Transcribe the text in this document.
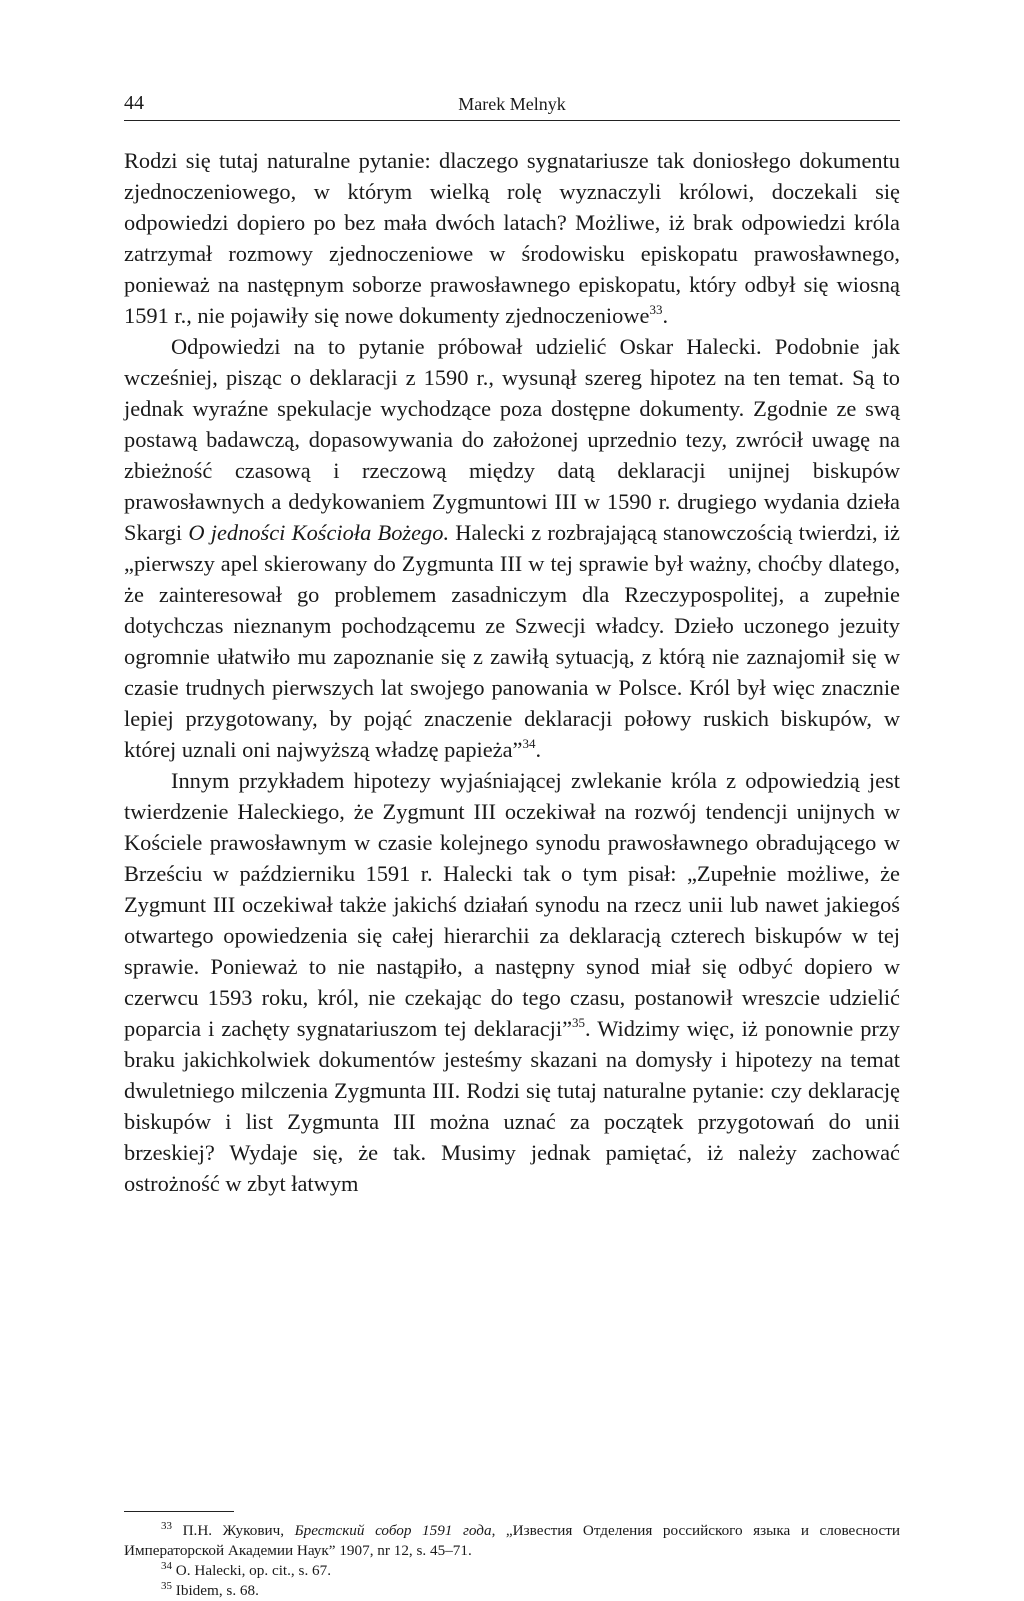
44	Marek Melnyk

Rodzi się tutaj naturalne pytanie: dlaczego sygnatariusze tak doniosłego dokumentu zjednoczeniowego, w którym wielką rolę wyznaczyli królowi, doczekali się odpowiedzi dopiero po bez mała dwóch latach? Możliwe, iż brak odpowiedzi króla zatrzymał rozmowy zjednoczeniowe w środowisku episkopatu prawosławnego, ponieważ na następnym soborze prawosławnego episkopatu, który odbył się wiosną 1591 r., nie pojawiły się nowe dokumenty zjednoczeniowe$^{33}$.

Odpowiedzi na to pytanie próbował udzielić Oskar Halecki. Podobnie jak wcześniej, pisząc o deklaracji z 1590 r., wysunął szereg hipotez na ten temat. Są to jednak wyraźne spekulacje wychodzące poza dostępne dokumenty. Zgodnie ze swą postawą badawczą, dopasowywania do założonej uprzednio tezy, zwrócił uwagę na zbieżność czasową i rzeczową między datą deklaracji unijnej biskupów prawosławnych a dedykowaniem Zygmuntowi III w 1590 r. drugiego wydania dzieła Skargi O jedności Kościoła Bożego. Halecki z rozbrajającą stanowczością twierdzi, iż „pierwszy apel skierowany do Zygmunta III w tej sprawie był ważny, choćby dlatego, że zainteresował go problemem zasadniczym dla Rzeczypospolitej, a zupełnie dotychczas nieznanym pochodzącemu ze Szwecji władcy. Dzieło uczonego jezuity ogromnie ułatwiło mu zapoznanie się z zawiłą sytuacją, z którą nie zaznajomił się w czasie trudnych pierwszych lat swojego panowania w Polsce. Król był więc znacznie lepiej przygotowany, by pojąć znaczenie deklaracji połowy ruskich biskupów, w której uznali oni najwyższą władzę papieża”$^{34}$.

Innym przykładem hipotezy wyjaśniającej zwlekanie króla z odpowiedzią jest twierdzenie Haleckiego, że Zygmunt III oczekiwał na rozwój tendencji unijnych w Kościele prawosławnym w czasie kolejnego synodu prawosławnego obradującego w Brześciu w październiku 1591 r. Halecki tak o tym pisał: „Zupełnie możliwe, że Zygmunt III oczekiwał także jakichś działań synodu na rzecz unii lub nawet jakiegoś otwartego opowiedzenia się całej hierarchii za deklaracją czterech biskupów w tej sprawie. Ponieważ to nie nastąpiło, a następny synod miał się odbyć dopiero w czerwcu 1593 roku, król, nie czekając do tego czasu, postanowił wreszcie udzielić poparcia i zachęty sygnatariuszom tej deklaracji”$^{35}$. Widzimy więc, iż ponownie przy braku jakichkolwiek dokumentów jesteśmy skazani na domysły i hipotezy na temat dwuletniego milczenia Zygmunta III. Rodzi się tutaj naturalne pytanie: czy deklarację biskupów i list Zygmunta III można uznać za początek przygotowań do unii brzeskiej? Wydaje się, że tak. Musimy jednak pamiętać, iż należy zachować ostrożność w zbyt łatwym

$^{33}$ П.Н. Жукович, Брестский собор 1591 года, „Известия Отделения российского языка и словесности Императорской Академии Наук” 1907, nr 12, s. 45–71.

$^{34}$ O. Halecki, op. cit., s. 67.

$^{35}$ Ibidem, s. 68.
